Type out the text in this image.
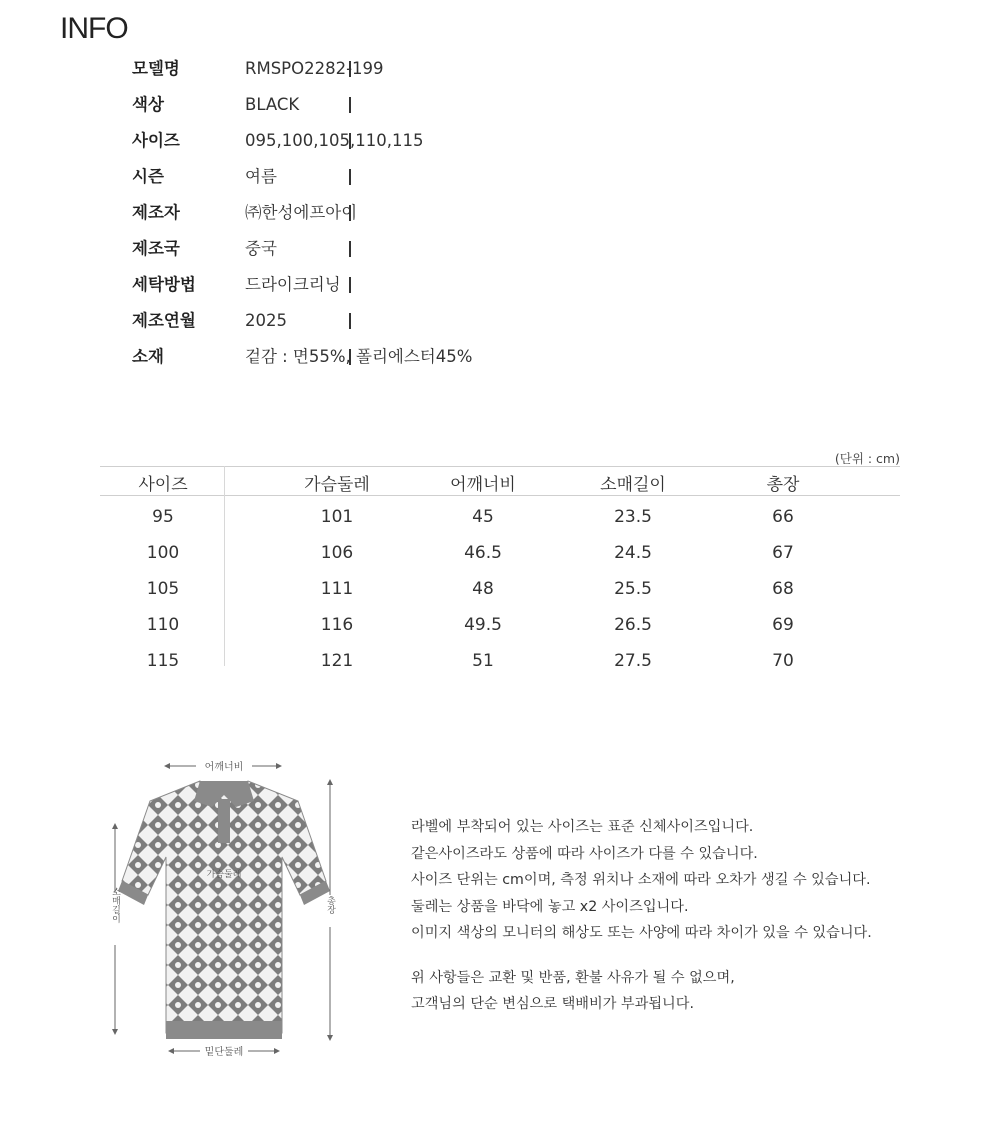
INFO
모델명	RMSPO2282-199
색상	BLACK
사이즈	095,100,105,110,115
시즌	여름
제조자	㈜한성에프아이
제조국	중국
세탁방법	드라이크리닝
제조연월	2025
소재	겉감 : 면55%, 폴리에스터45%
(단위 : cm)
사이즈	가슴둘레	어깨너비	소매길이	총장
95	101	45	23.5	66
100	106	46.5	24.5	67
105	111	48	25.5	68
110	116	49.5	26.5	69
115	121	51	27.5	70
어깨너비
가슴둘레
소매길이	총장
밑단둘레

라벨에 부착되어 있는 사이즈는 표준 신체사이즈입니다.

같은사이즈라도 상품에 따라 사이즈가 다를 수 있습니다.

사이즈 단위는 cm이며, 측정 위치나 소재에 따라 오차가 생길 수 있습니다.

둘레는 상품을 바닥에 놓고 x2 사이즈입니다.

이미지 색상의 모니터의 해상도 또는 사양에 따라 차이가 있을 수 있습니다.

위 사항들은 교환 및 반품, 환불 사유가 될 수 없으며,

고객님의 단순 변심으로 택배비가 부과됩니다.
